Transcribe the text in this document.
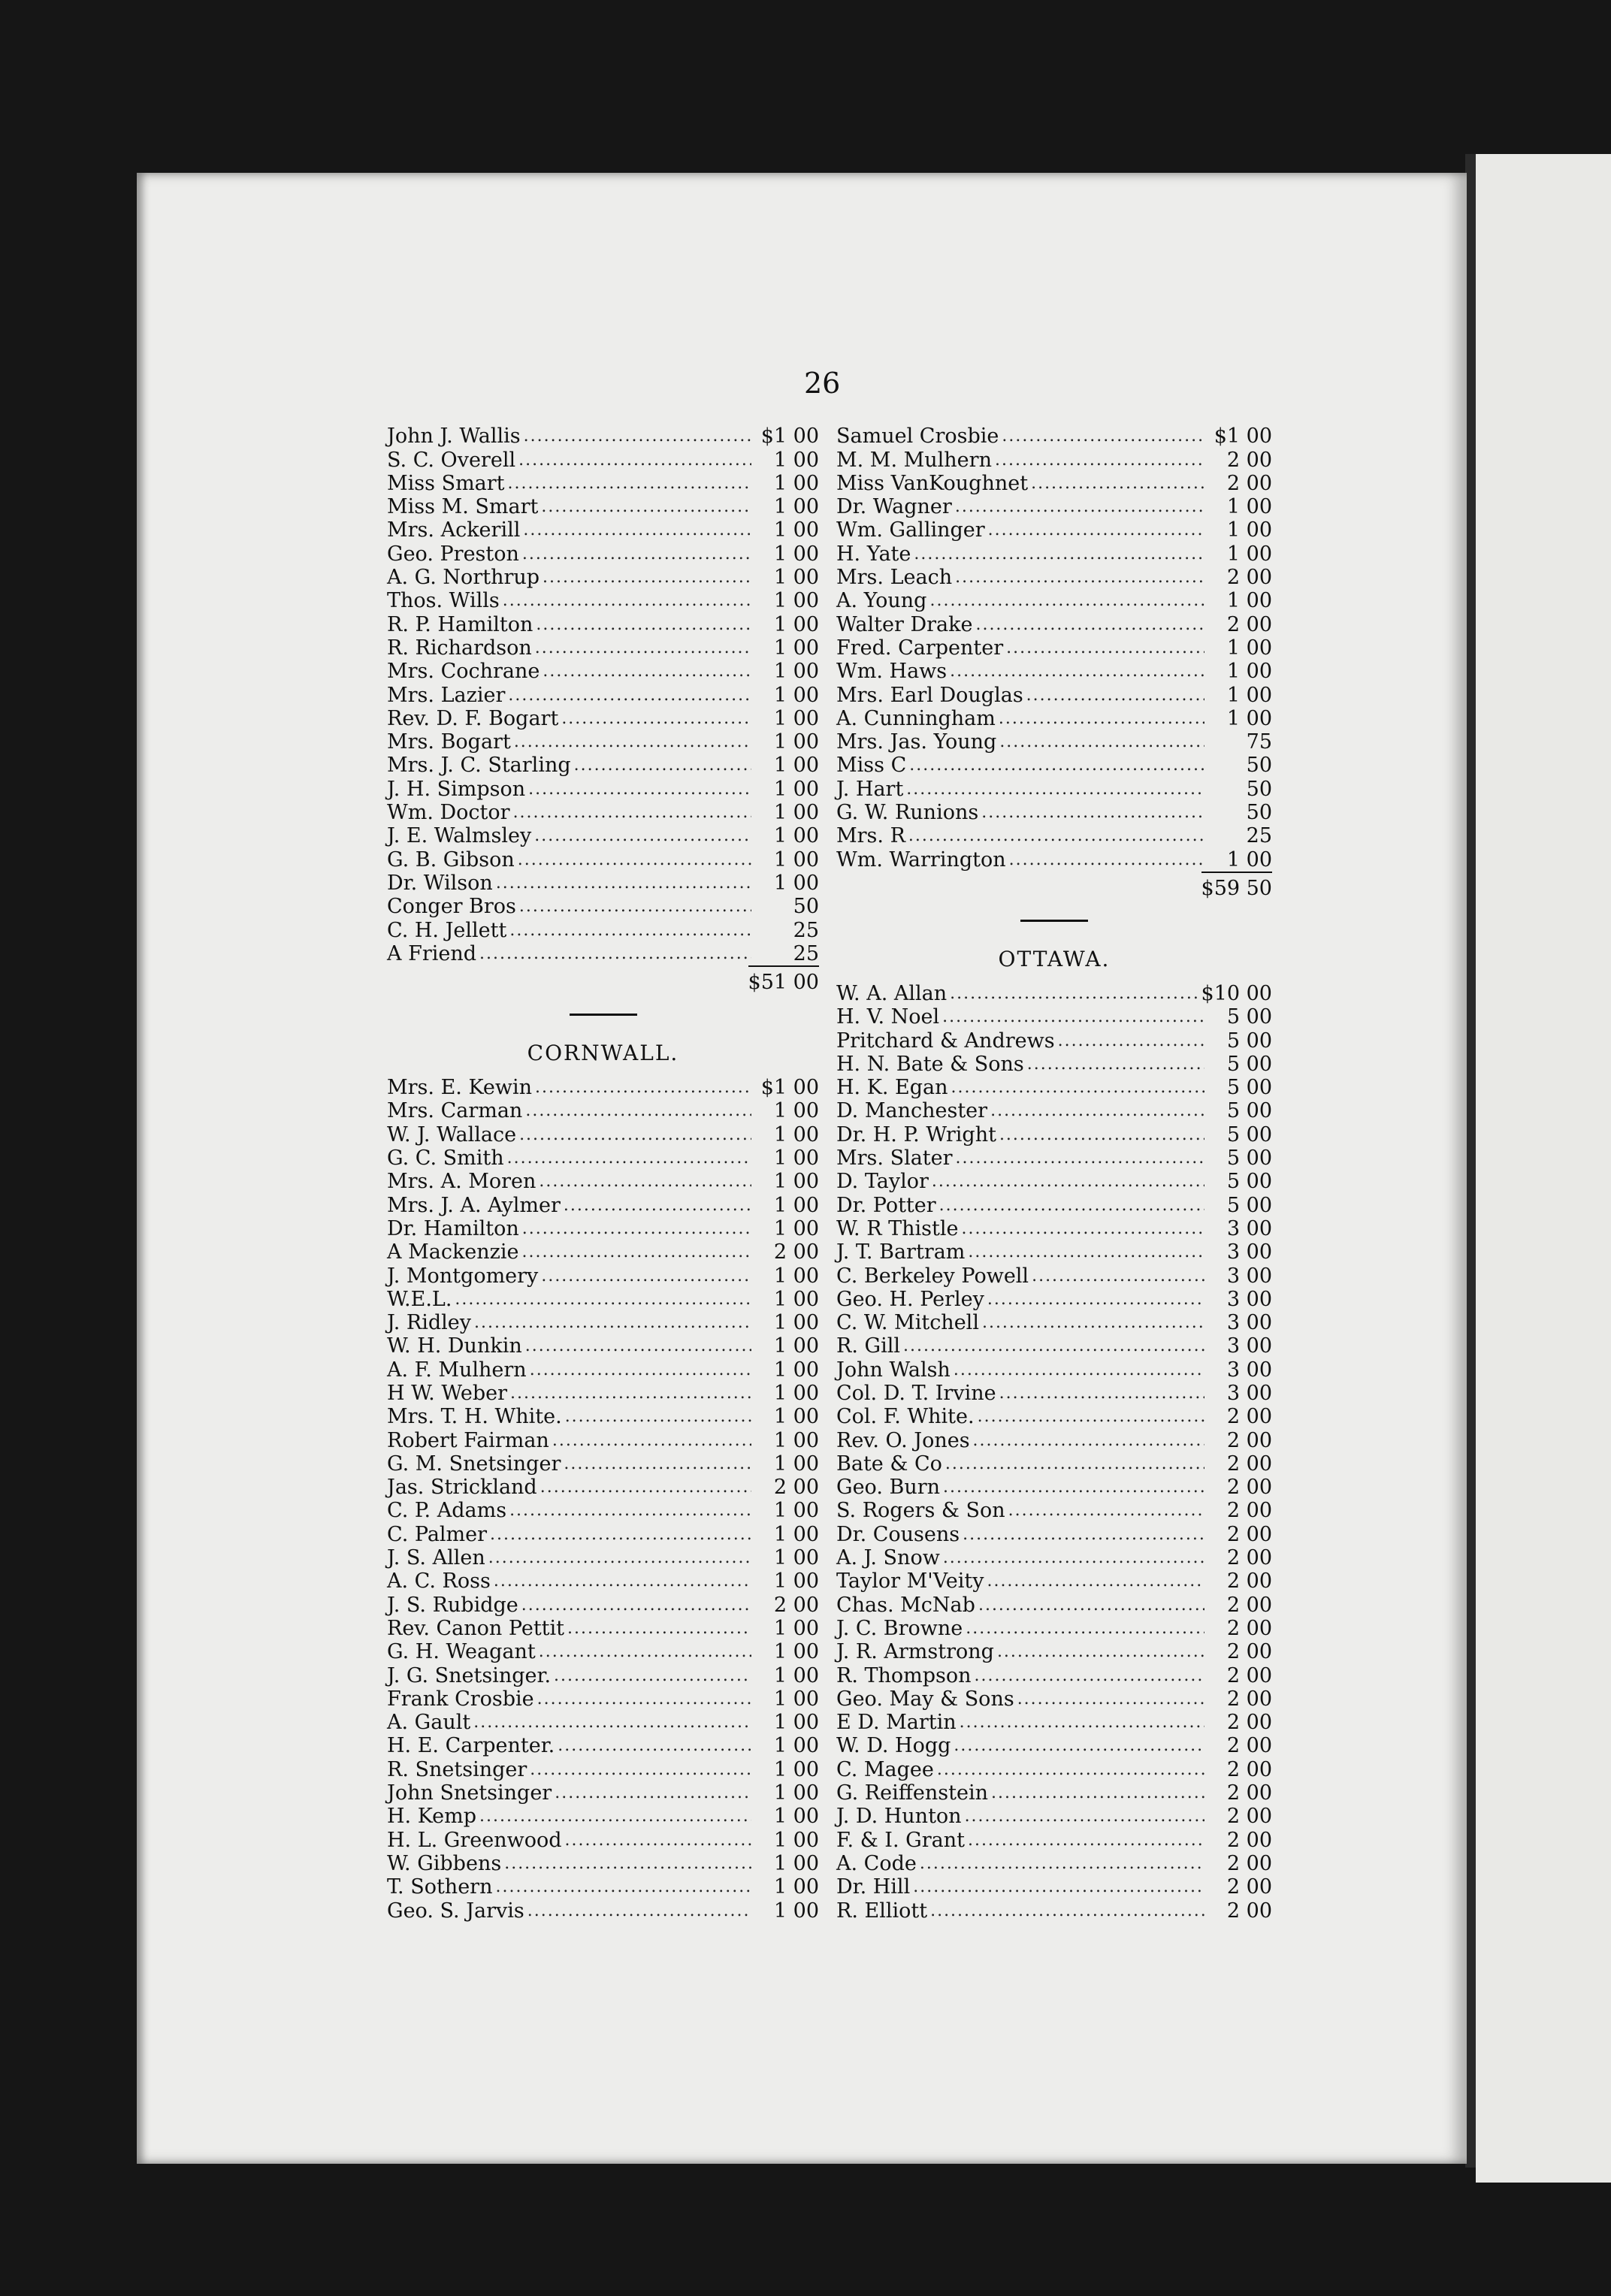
26
John J. Wallis .....	$1 00
S. C. Overell .....	1 00
Miss Smart .....	1 00
Miss M. Smart .....	1 00
Mrs. Ackerill .....	1 00
Geo. Preston .....	1 00
A. G. Northrup .....	1 00
Thos. Wills .....	1 00
R. P. Hamilton .....	1 00
R. Richardson .....	1 00
Mrs. Cochrane .....	1 00
Mrs. Lazier .....	1 00
Rev. D. F. Bogart .....	1 00
Mrs. Bogart .....	1 00
Mrs. J. C. Starling .....	1 00
J. H. Simpson .....	1 00
Wm. Doctor .....	1 00
J. E. Walmsley .....	1 00
G. B. Gibson .....	1 00
Dr. Wilson .....	1 00
Conger Bros .....	50
C. H. Jellett .....	25
A Friend .....	25
$51 00
CORNWALL.
Mrs. E. Kewin .....	$1 00
Mrs. Carman .....	1 00
W. J. Wallace .....	1 00
G. C. Smith .....	1 00
Mrs. A. Moren .....	1 00
Mrs. J. A. Aylmer .....	1 00
Dr. Hamilton .....	1 00
A Mackenzie .....	2 00
J. Montgomery .....	1 00
W.E.L. .....	1 00
J. Ridley .....	1 00
W. H. Dunkin .....	1 00
A. F. Mulhern .....	1 00
H W. Weber .....	1 00
Mrs. T. H. White. .....	1 00
Robert Fairman .....	1 00
G. M. Snetsinger .....	1 00
Jas. Strickland .....	2 00
C. P. Adams .....	1 00
C. Palmer .....	1 00
J. S. Allen .....	1 00
A. C. Ross .....	1 00
J. S. Rubidge .....	2 00
Rev. Canon Pettit .....	1 00
G. H. Weagant .....	1 00
J. G. Snetsinger. .....	1 00
Frank Crosbie .....	1 00
A. Gault .....	1 00
H. E. Carpenter. .....	1 00
R. Snetsinger .....	1 00
John Snetsinger .....	1 00
H. Kemp .....	1 00
H. L. Greenwood .....	1 00
W. Gibbens .....	1 00
T. Sothern .....	1 00
Geo. S. Jarvis .....	1 00
Samuel Crosbie .....	$1 00
M. M. Mulhern .....	2 00
Miss VanKoughnet .....	2 00
Dr. Wagner .....	1 00
Wm. Gallinger .....	1 00
H. Yate .....	1 00
Mrs. Leach .....	2 00
A. Young .....	1 00
Walter Drake .....	2 00
Fred. Carpenter .....	1 00
Wm. Haws .....	1 00
Mrs. Earl Douglas .....	1 00
A. Cunningham .....	1 00
Mrs. Jas. Young .....	75
Miss C .....	50
J. Hart .....	50
G. W. Runions .....	50
Mrs. R .....	25
Wm. Warrington .....	1 00
$59 50
OTTAWA.
W. A. Allan .....	$10 00
H. V. Noel .....	5 00
Pritchard & Andrews .....	5 00
H. N. Bate & Sons .....	5 00
H. K. Egan .....	5 00
D. Manchester .....	5 00
Dr. H. P. Wright .....	5 00
Mrs. Slater .....	5 00
D. Taylor .....	5 00
Dr. Potter .....	5 00
W. R Thistle .....	3 00
J. T. Bartram .....	3 00
C. Berkeley Powell .....	3 00
Geo. H. Perley .....	3 00
C. W. Mitchell .....	3 00
R. Gill .....	3 00
John Walsh .....	3 00
Col. D. T. Irvine .....	3 00
Col. F. White. .....	2 00
Rev. O. Jones .....	2 00
Bate & Co .....	2 00
Geo. Burn .....	2 00
S. Rogers & Son .....	2 00
Dr. Cousens .....	2 00
A. J. Snow .....	2 00
Taylor M'Veity .....	2 00
Chas. McNab .....	2 00
J. C. Browne .....	2 00
J. R. Armstrong .....	2 00
R. Thompson .....	2 00
Geo. May & Sons .....	2 00
E D. Martin .....	2 00
W. D. Hogg .....	2 00
C. Magee .....	2 00
G. Reiffenstein .....	2 00
J. D. Hunton .....	2 00
F. & I. Grant .....	2 00
A. Code .....	2 00
Dr. Hill .....	2 00
R. Elliott .....	2 00
